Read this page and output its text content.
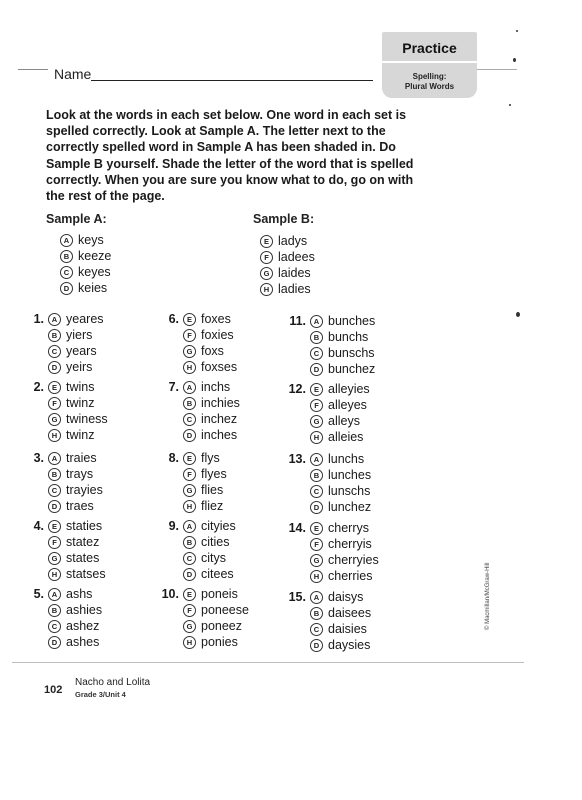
Practice
Spelling:
Plural Words
Name
Look at the words in each set below. One word in each set is spelled correctly. Look at Sample A. The letter next to the correctly spelled word in Sample A has been shaded in. Do Sample B yourself. Shade the letter of the word that is spelled correctly. When you are sure you know what to do, go on with the rest of the page.
Sample A:	Sample B:
A keys
B keeze
C keyes
D keies
E ladys
F ladees
G laides
H ladies
1.	A yeares
B yiers
C years
D yeirs
2.	E twins
F twinz
G twiness
H twinz
3.	A traies
B trays
C trayies
D traes
4.	E staties
F statez
G states
H statses
5.	A ashs
B ashies
C ashez
D ashes
6.	E foxes
F foxies
G foxs
H foxses
7.	A inchs
B inchies
C inchez
D inches
8.	E flys
F flyes
G flies
H fliez
9.	A cityies
B cities
C citys
D citees
10.	E poneis
F poneese
G poneez
H ponies
11.	A bunches
B bunchs
C bunschs
D bunchez
12.	E alleyies
F alleyes
G alleys
H alleies
13.	A lunchs
B lunches
C lunschs
D lunchez
14.	E cherrys
F cherryis
G cherryies
H cherries
15.	A daisys
B daisees
C daisies
D daysies
102
Nacho and Lolita
Grade 3/Unit 4
© Macmillan/McGraw-Hill
